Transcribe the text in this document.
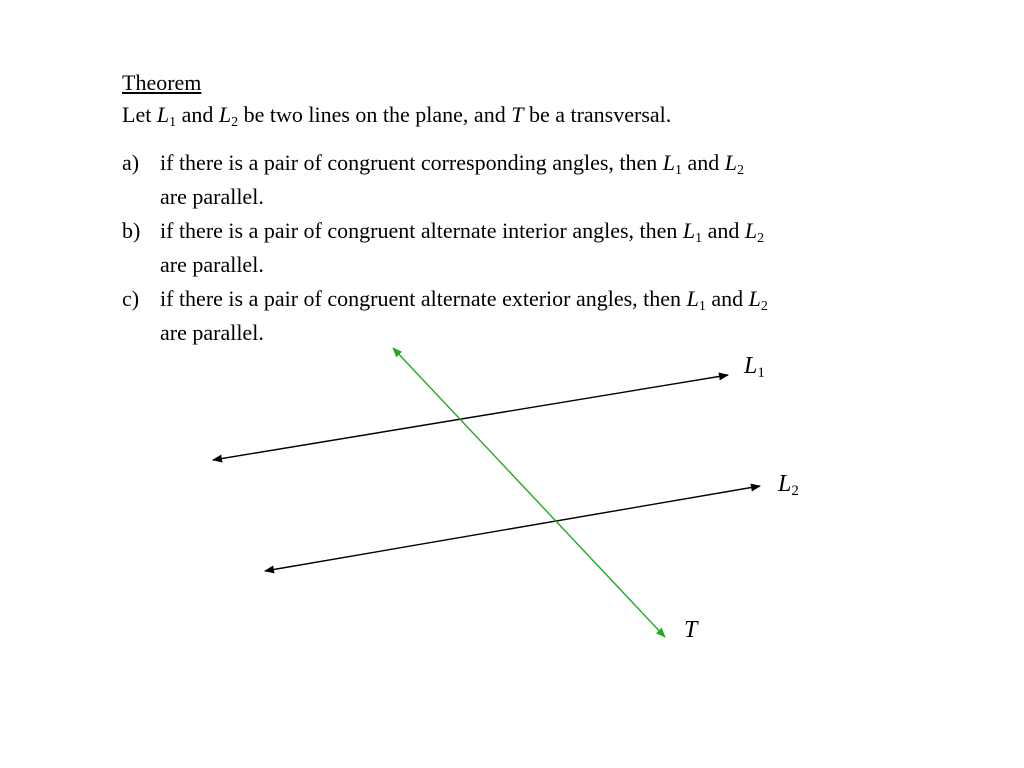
Theorem
Let $L_1$ and $L_2$ be two lines on the plane, and T be a transversal.
a) if there is a pair of congruent corresponding angles, then $L_1$ and $L_2$
are parallel.
b) if there is a pair of congruent alternate interior angles, then $L_1$ and $L_2$
are parallel.
c) if there is a pair of congruent alternate exterior angles, then $L_1$ and $L_2$
are parallel.
$L_1$
$L_2$
T
